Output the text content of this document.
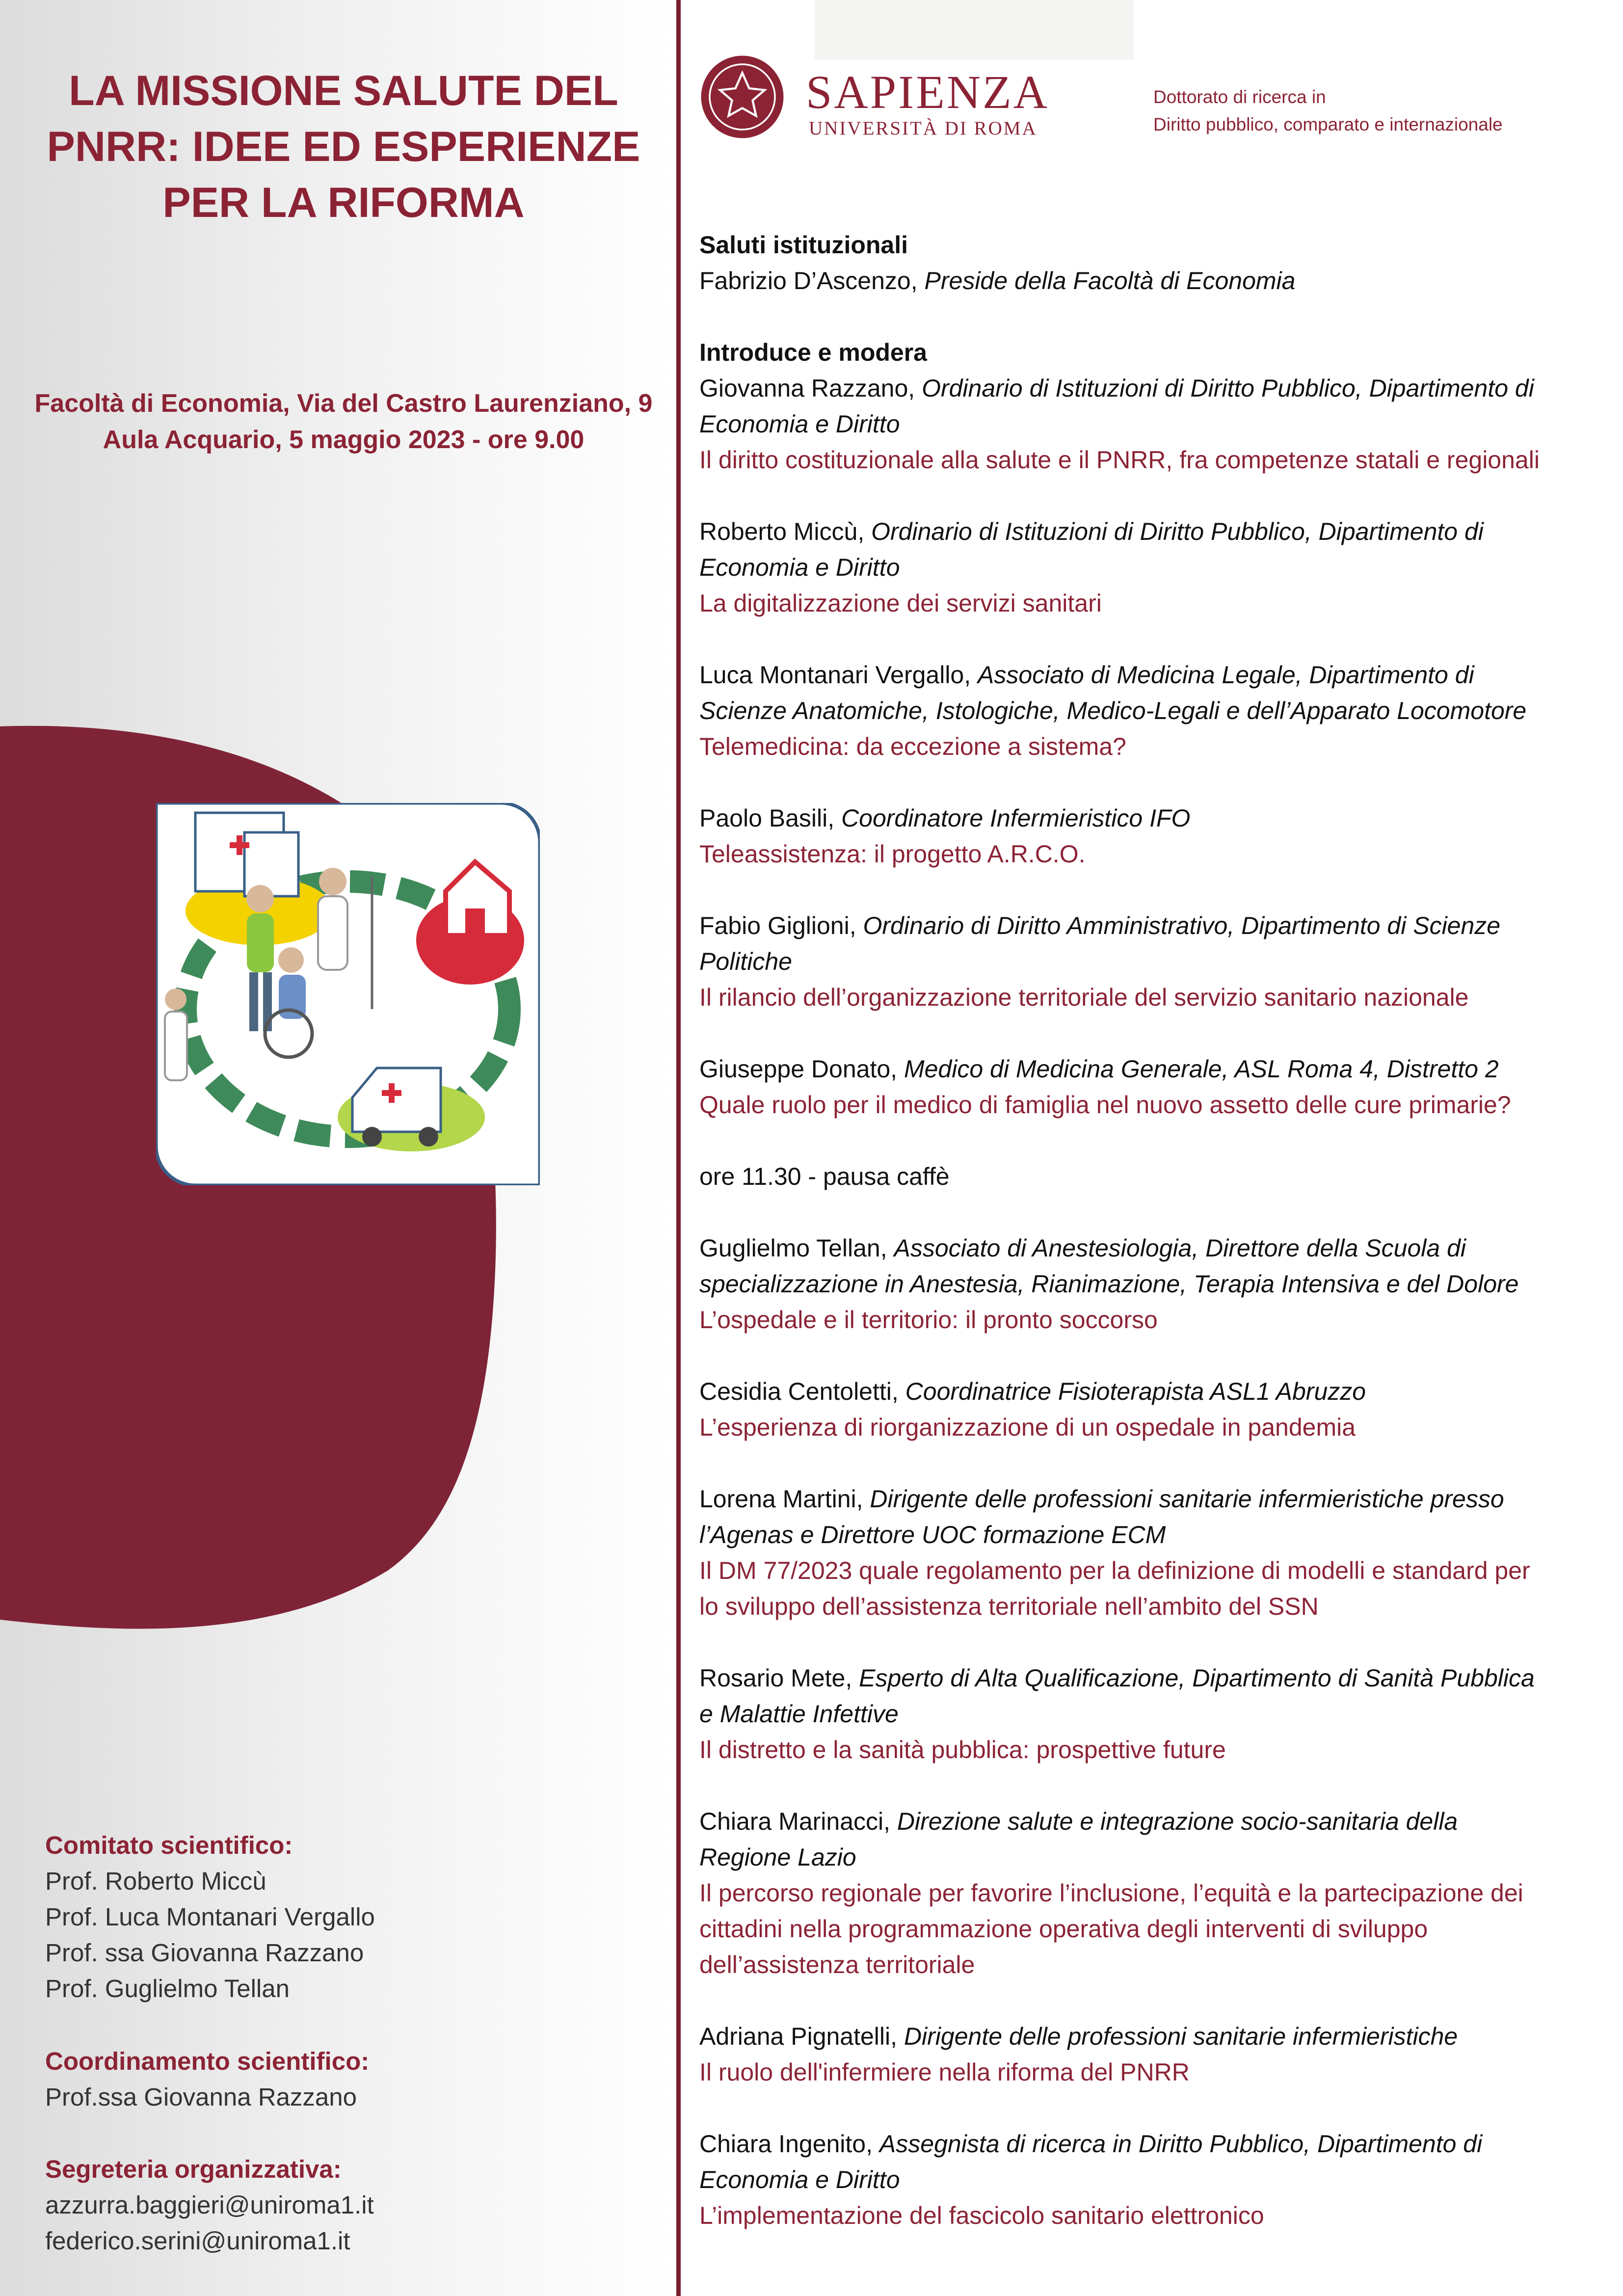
LA MISSIONE SALUTE DEL
PNRR: IDEE ED ESPERIENZE
PER LA RIFORMA
Facoltà di Economia, Via del Castro Laurenziano, 9
Aula Acquario, 5 maggio 2023 - ore 9.00
Comitato scientifico:
Prof. Roberto Miccù
Prof. Luca Montanari Vergallo
Prof. ssa Giovanna Razzano
Prof. Guglielmo Tellan
Coordinamento scientifico:
Prof.ssa Giovanna Razzano
Segreteria organizzativa:
azzurra.baggieri@uniroma1.it
federico.serini@uniroma1.it
SAPIENZA
UNIVERSITÀ DI ROMA
Dottorato di ricerca in
Diritto pubblico, comparato e internazionale
Saluti istituzionali
Fabrizio D’Ascenzo, Preside della Facoltà di Economia
Introduce e modera
Giovanna Razzano, Ordinario di Istituzioni di Diritto Pubblico, Dipartimento di
Economia e Diritto
Il diritto costituzionale alla salute e il PNRR, fra competenze statali e regionali
Roberto Miccù, Ordinario di Istituzioni di Diritto Pubblico, Dipartimento di
Economia e Diritto
La digitalizzazione dei servizi sanitari
Luca Montanari Vergallo, Associato di Medicina Legale, Dipartimento di
Scienze Anatomiche, Istologiche, Medico-Legali e dell’Apparato Locomotore
Telemedicina: da eccezione a sistema?
Paolo Basili, Coordinatore Infermieristico IFO
Teleassistenza: il progetto A.R.C.O.
Fabio Giglioni, Ordinario di Diritto Amministrativo, Dipartimento di Scienze
Politiche
Il rilancio dell’organizzazione territoriale del servizio sanitario nazionale
Giuseppe Donato, Medico di Medicina Generale, ASL Roma 4, Distretto 2
Quale ruolo per il medico di famiglia nel nuovo assetto delle cure primarie?
ore 11.30 - pausa caffè
Guglielmo Tellan, Associato di Anestesiologia, Direttore della Scuola di
specializzazione in Anestesia, Rianimazione, Terapia Intensiva e del Dolore
L’ospedale e il territorio: il pronto soccorso
Cesidia Centoletti, Coordinatrice Fisioterapista ASL1 Abruzzo
L’esperienza di riorganizzazione di un ospedale in pandemia
Lorena Martini, Dirigente delle professioni sanitarie infermieristiche presso
l’Agenas e Direttore UOC formazione ECM
Il DM 77/2023 quale regolamento per la definizione di modelli e standard per
lo sviluppo dell’assistenza territoriale nell’ambito del SSN
Rosario Mete, Esperto di Alta Qualificazione, Dipartimento di Sanità Pubblica
e Malattie Infettive
Il distretto e la sanità pubblica: prospettive future
Chiara Marinacci, Direzione salute e integrazione socio-sanitaria della
Regione Lazio
Il percorso regionale per favorire l’inclusione, l’equità e la partecipazione dei
cittadini nella programmazione operativa degli interventi di sviluppo
dell’assistenza territoriale
Adriana Pignatelli, Dirigente delle professioni sanitarie infermieristiche
Il ruolo dell'infermiere nella riforma del PNRR
Chiara Ingenito, Assegnista di ricerca in Diritto Pubblico, Dipartimento di
Economia e Diritto
L’implementazione del fascicolo sanitario elettronico
